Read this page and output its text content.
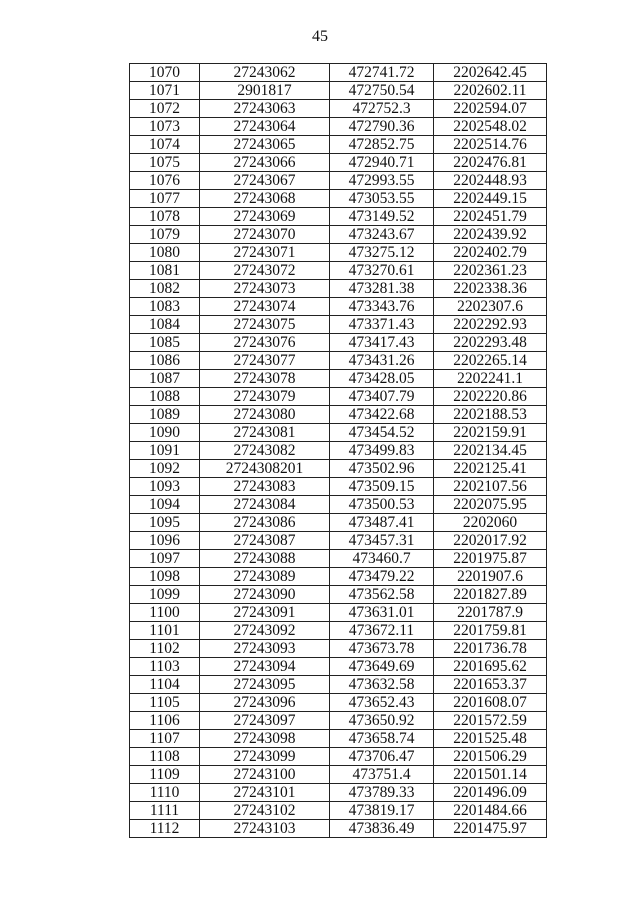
45
1070	27243062	472741.72	2202642.45
1071	2901817	472750.54	2202602.11
1072	27243063	472752.3	2202594.07
1073	27243064	472790.36	2202548.02
1074	27243065	472852.75	2202514.76
1075	27243066	472940.71	2202476.81
1076	27243067	472993.55	2202448.93
1077	27243068	473053.55	2202449.15
1078	27243069	473149.52	2202451.79
1079	27243070	473243.67	2202439.92
1080	27243071	473275.12	2202402.79
1081	27243072	473270.61	2202361.23
1082	27243073	473281.38	2202338.36
1083	27243074	473343.76	2202307.6
1084	27243075	473371.43	2202292.93
1085	27243076	473417.43	2202293.48
1086	27243077	473431.26	2202265.14
1087	27243078	473428.05	2202241.1
1088	27243079	473407.79	2202220.86
1089	27243080	473422.68	2202188.53
1090	27243081	473454.52	2202159.91
1091	27243082	473499.83	2202134.45
1092	2724308201	473502.96	2202125.41
1093	27243083	473509.15	2202107.56
1094	27243084	473500.53	2202075.95
1095	27243086	473487.41	2202060
1096	27243087	473457.31	2202017.92
1097	27243088	473460.7	2201975.87
1098	27243089	473479.22	2201907.6
1099	27243090	473562.58	2201827.89
1100	27243091	473631.01	2201787.9
1101	27243092	473672.11	2201759.81
1102	27243093	473673.78	2201736.78
1103	27243094	473649.69	2201695.62
1104	27243095	473632.58	2201653.37
1105	27243096	473652.43	2201608.07
1106	27243097	473650.92	2201572.59
1107	27243098	473658.74	2201525.48
1108	27243099	473706.47	2201506.29
1109	27243100	473751.4	2201501.14
1110	27243101	473789.33	2201496.09
1111	27243102	473819.17	2201484.66
1112	27243103	473836.49	2201475.97
